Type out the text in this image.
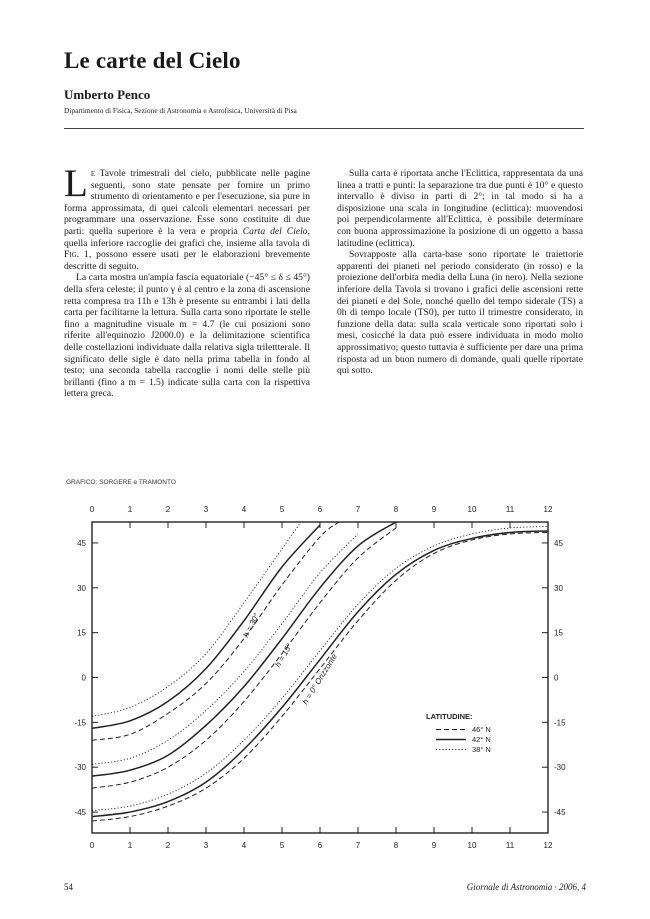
Le carte del Cielo
Umberto Penco
Dipartimento di Fisica, Sezione di Astronomia e Astrofisica, Università di Pisa

Le Tavole trimestrali del cielo, pubblicate nelle pagine seguenti, sono state pensate per fornire un primo strumento di orientamento e per l'esecuzione, sia pure in forma approssimata, di quei calcoli elementari necessari per programmare una osservazione. Esse sono costituite di due parti: quella superiore è la vera e propria Carta del Cielo, quella inferiore raccoglie dei grafici che, insieme alla tavola di Fig. 1, possono essere usati per le elaborazioni brevemente descritte di seguito.

La carta mostra un'ampia fascia equatoriale (−45° ≤ δ ≤ 45°) della sfera celeste; il punto γ è al centro e la zona di ascensione retta compresa tra 11h e 13h è presente su entrambi i lati della carta per facilitarne la lettura. Sulla carta sono riportate le stelle fino a magnitudine visuale m = 4.7 (le cui posizioni sono riferite all'equinozio J2000.0) e la delimitazione scientifica delle costellazioni individuate dalla relativa sigla trilettterale. Il significato delle sigle è dato nella prima tabella in fondo al testo; una seconda tabella raccoglie i nomi delle stelle più brillanti (fino a m = 1.5) indicate sulla carta con la rispettiva lettera greca.

Sulla carta è riportata anche l'Eclittica, rappresentata da una linea a tratti e punti: la separazione tra due punti è 10° e questo intervallo è diviso in parti di 2°; in tal modo si ha a disposizione una scala in longitudine (eclittica): muovendosi poi perpendicolarmente all'Eclittica, è possibile determinare con buona approssimazione la posizione di un oggetto a bassa latitudine (eclittica).

Sovrapposte alla carta-base sono riportate le traiettorie apparenti dei pianeti nel periodo considerato (in rosso) e la proiezione dell'orbita media della Luna (in nero). Nella sezione inferiore della Tavola si trovano i grafici delle ascensioni rette dei pianeti e del Sole, nonché quello del tempo siderale (TS) a 0h di tempo locale (TS0), per tutto il trimestre considerato, in funzione della data: sulla scala verticale sono riportati solo i mesi, cosicché la data può essere individuata in modo molto approssimativo; questo tuttavia è sufficiente per dare una prima risposta ad un buon numero di domande, quali quelle riportate qui sotto.

GRAFICO: SORGERE e TRAMONTO
0
0
1
1
2
2
3
3
4
4
5
5
6
6
7
7
8
8
9
9
10
10
11
11
12
12
45	45
30	30
15	15
0	0
-15	-15
-30	-30
-45	-45
h = 30°
h = 15° h = 0° Orizzonte
LATITUDINE:
46° N
42° N
38° N
54	Giornale di Astronomia · 2006, 4
